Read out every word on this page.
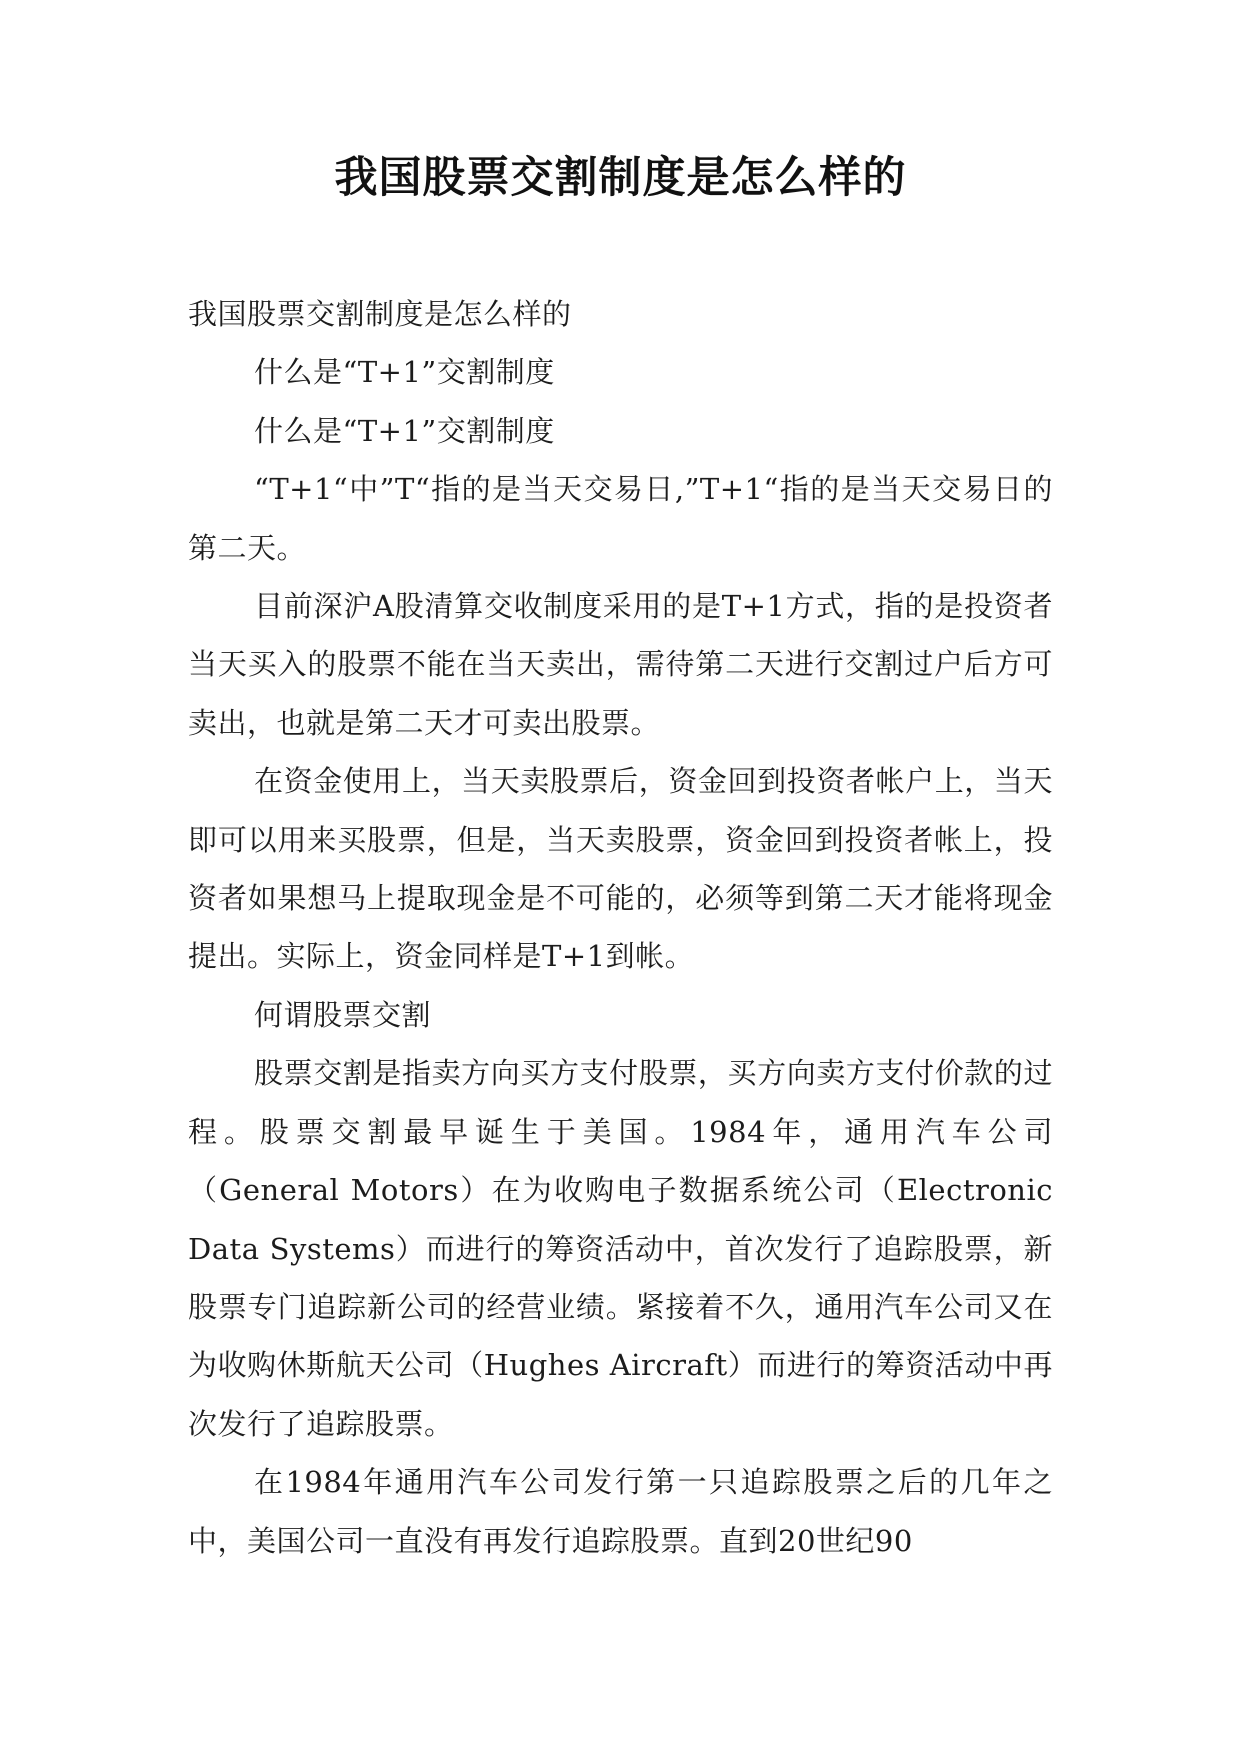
我国股票交割制度是怎么样的

我国股票交割制度是怎么样的

什么是“T+1”交割制度

什么是“T+1”交割制度

“T+1“中”T“指的是当天交易日,”T+1“指的是当天交易日的第二天。

目前深沪A股清算交收制度采用的是T+1方式，指的是投资者当天买入的股票不能在当天卖出，需待第二天进行交割过户后方可卖出，也就是第二天才可卖出股票。

在资金使用上，当天卖股票后，资金回到投资者帐户上，当天即可以用来买股票，但是，当天卖股票，资金回到投资者帐上，投资者如果想马上提取现金是不可能的，必须等到第二天才能将现金提出。实际上，资金同样是T+1到帐。

何谓股票交割

股票交割是指卖方向买方支付股票，买方向卖方支付价款的过程。股票交割最早诞生于美国。1984年，通用汽车公司（General Motors）在为收购电子数据系统公司（Electronic Data Systems）而进行的筹资活动中，首次发行了追踪股票，新股票专门追踪新公司的经营业绩。紧接着不久，通用汽车公司又在为收购休斯航天公司（Hughes Aircraft）而进行的筹资活动中再次发行了追踪股票。

在1984年通用汽车公司发行第一只追踪股票之后的几年之中，美国公司一直没有再发行追踪股票。直到20世纪90
